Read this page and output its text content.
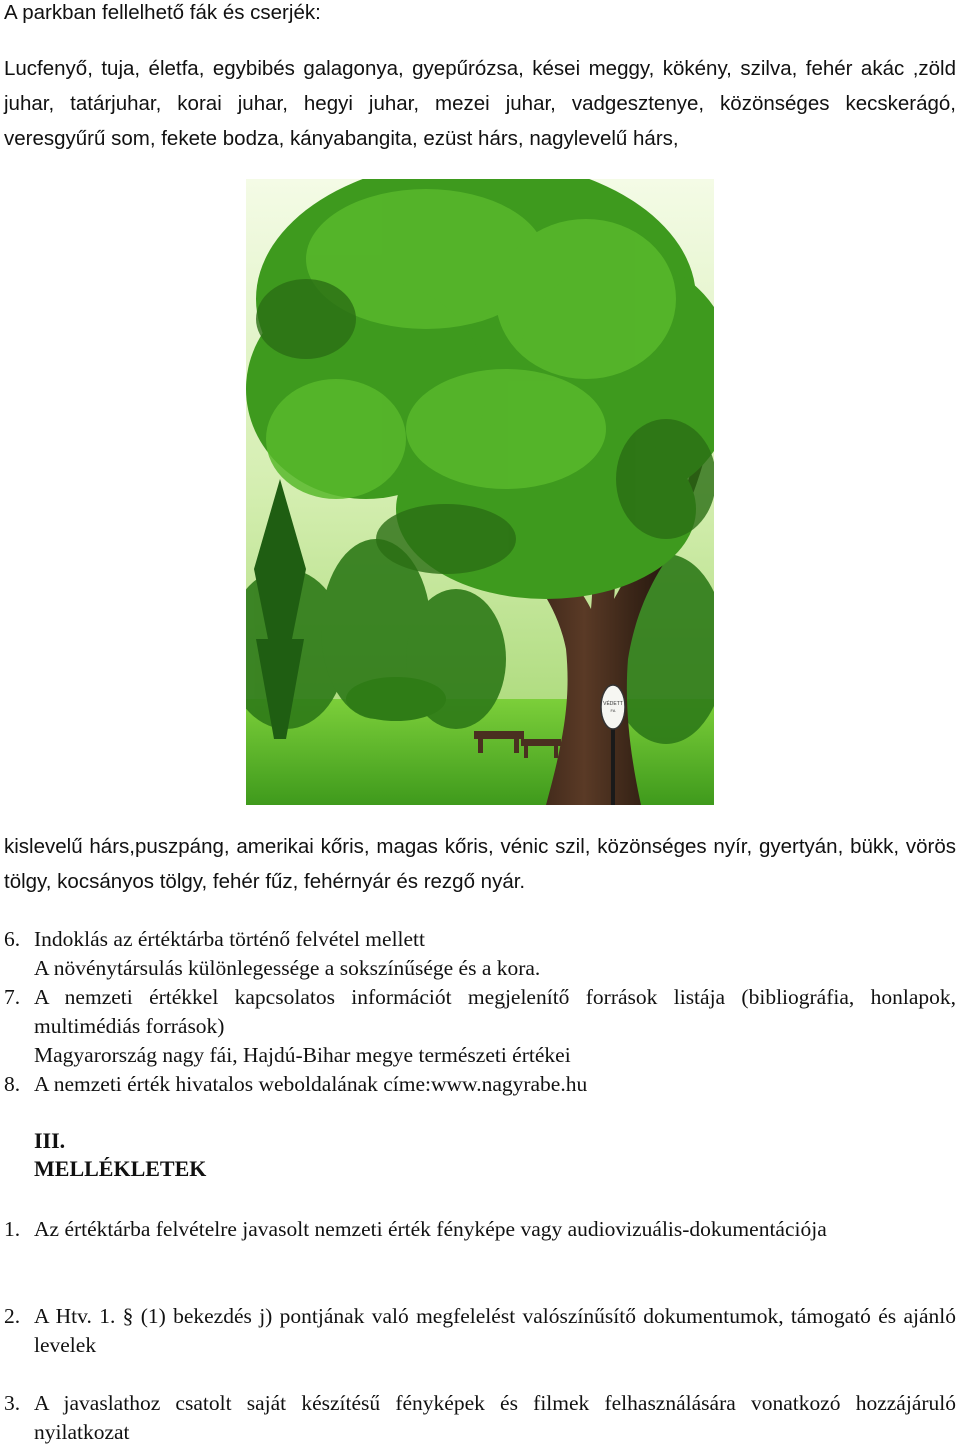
A parkban fellelhető fák és cserjék:
Lucfenyő, tuja, életfa, egybibés galagonya, gyepűrózsa, kései meggy, kökény, szilva, fehér akác ,zöld juhar, tatárjuhar, korai juhar, hegyi juhar, mezei juhar, vadgesztenye, közönséges kecskerágó, veresgyűrű som, fekete bodza, kányabangita, ezüst hárs, nagylevelű hárs,
VÉDETT
FA
kislevelű hárs,puszpáng, amerikai kőris, magas kőris, vénic szil, közönséges nyír, gyertyán, bükk, vörös tölgy, kocsányos tölgy, fehér fűz, fehérnyár és rezgő nyár.
6. Indoklás az értéktárba történő felvétel mellett
A növénytársulás különlegessége a sokszínűsége és a kora.
7. A nemzeti értékkel kapcsolatos információt megjelenítő források listája (bibliográfia, honlapok, multimédiás források)
Magyarország nagy fái, Hajdú-Bihar megye természeti értékei
8. A nemzeti érték hivatalos weboldalának címe:www.nagyrabe.hu
III.
MELLÉKLETEK
1. Az értéktárba felvételre javasolt nemzeti érték fényképe vagy audiovizuális-dokumentációja
2. A Htv. 1. § (1) bekezdés j) pontjának való megfelelést valószínűsítő dokumentumok, támogató és ajánló levelek
3. A javaslathoz csatolt saját készítésű fényképek és filmek felhasználására vonatkozó hozzájáruló nyilatkozat
